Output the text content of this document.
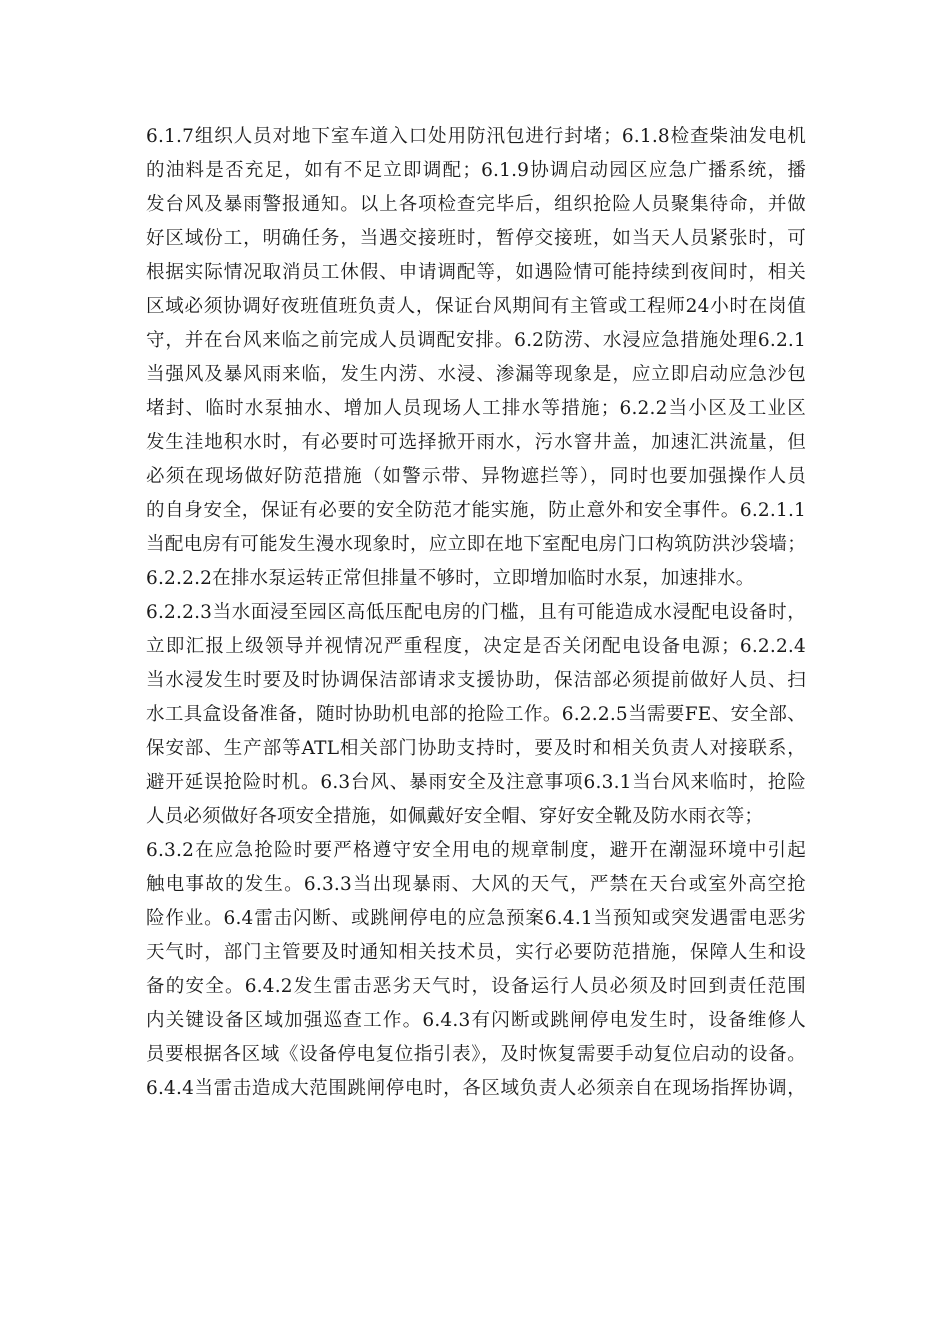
6.1.7组织人员对地下室车道入口处用防汛包进行封堵；6.1.8检查柴油发电机
的油料是否充足，如有不足立即调配；6.1.9协调启动园区应急广播系统，播
发台风及暴雨警报通知。以上各项检查完毕后，组织抢险人员聚集待命，并做
好区域份工，明确任务，当遇交接班时，暂停交接班，如当天人员紧张时，可
根据实际情况取消员工休假、申请调配等，如遇险情可能持续到夜间时，相关
区域必须协调好夜班值班负责人，保证台风期间有主管或工程师24小时在岗值
守，并在台风来临之前完成人员调配安排。6.2防涝、水浸应急措施处理6.2.1
当强风及暴风雨来临，发生内涝、水浸、渗漏等现象是，应立即启动应急沙包
堵封、临时水泵抽水、增加人员现场人工排水等措施；6.2.2当小区及工业区
发生洼地积水时，有必要时可选择掀开雨水，污水窨井盖，加速汇洪流量，但
必须在现场做好防范措施（如警示带、异物遮拦等），同时也要加强操作人员
的自身安全，保证有必要的安全防范才能实施，防止意外和安全事件。6.2.1.1
当配电房有可能发生漫水现象时，应立即在地下室配电房门口构筑防洪沙袋墙；
6.2.2.2在排水泵运转正常但排量不够时，立即增加临时水泵，加速排水。
6.2.2.3当水面浸至园区高低压配电房的门槛，且有可能造成水浸配电设备时，
立即汇报上级领导并视情况严重程度，决定是否关闭配电设备电源；6.2.2.4
当水浸发生时要及时协调保洁部请求支援协助，保洁部必须提前做好人员、扫
水工具盒设备准备，随时协助机电部的抢险工作。6.2.2.5当需要FE、安全部、
保安部、生产部等ATL相关部门协助支持时，要及时和相关负责人对接联系，
避开延误抢险时机。6.3台风、暴雨安全及注意事项6.3.1当台风来临时，抢险
人员必须做好各项安全措施，如佩戴好安全帽、穿好安全靴及防水雨衣等；
6.3.2在应急抢险时要严格遵守安全用电的规章制度，避开在潮湿环境中引起
触电事故的发生。6.3.3当出现暴雨、大风的天气，严禁在天台或室外高空抢
险作业。6.4雷击闪断、或跳闸停电的应急预案6.4.1当预知或突发遇雷电恶劣
天气时，部门主管要及时通知相关技术员，实行必要防范措施，保障人生和设
备的安全。6.4.2发生雷击恶劣天气时，设备运行人员必须及时回到责任范围
内关键设备区域加强巡查工作。6.4.3有闪断或跳闸停电发生时，设备维修人
员要根据各区域《设备停电复位指引表》，及时恢复需要手动复位启动的设备。
6.4.4当雷击造成大范围跳闸停电时，各区域负责人必须亲自在现场指挥协调，
